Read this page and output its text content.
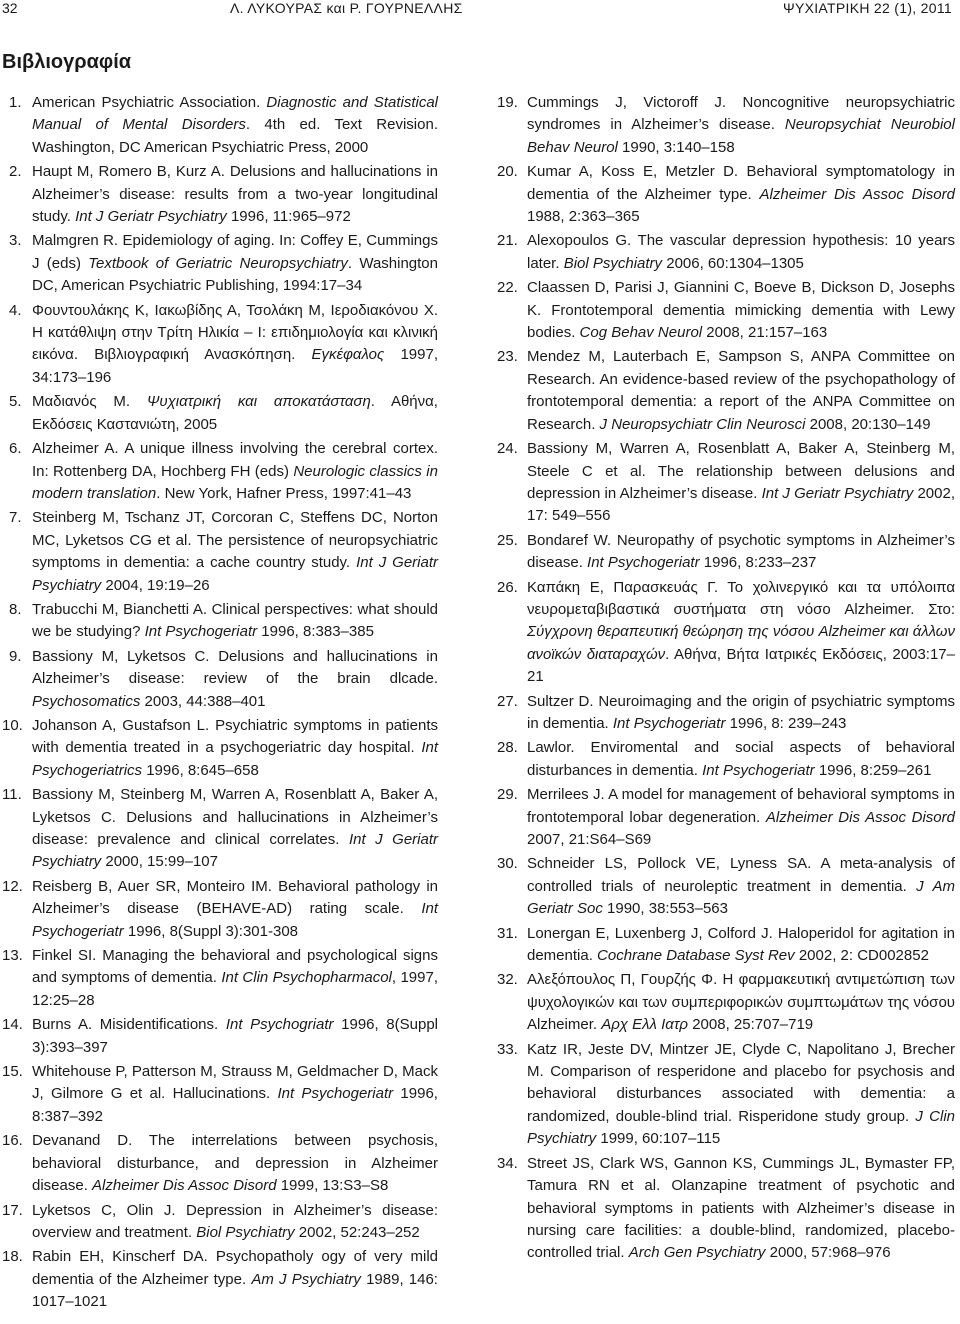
32	Λ. ΛΥΚΟΥΡΑΣ και Ρ. ΓΟΥΡΝΕΛΛΗΣ	ΨΥΧΙΑΤΡΙΚΗ 22 (1), 2011
Βιβλιογραφία
1. American Psychiatric Association. Diagnostic and Statistical Manual of Mental Disorders. 4th ed. Text Revision. Washington, DC American Psychiatric Press, 2000
2. Haupt M, Romero B, Kurz A. Delusions and hallucinations in Alzheimer’s disease: results from a two-year longitudinal study. Int J Geriatr Psychiatry 1996, 11:965–972
3. Malmgren R. Epidemiology of aging. In: Coffey E, Cummings J (eds) Textbook of Geriatric Neuropsychiatry. Washington DC, American Psychiatric Publishing, 1994:17–34
4. Φουντουλάκης Κ, Ιακωβίδης Α, Τσολάκη Μ, Ιεροδιακόνου Χ. Η κατάθλιψη στην Τρίτη Ηλικία – Ι: επιδημιολογία και κλινική εικόνα. Βιβλιογραφική Ανασκόπηση. Εγκέφαλος 1997, 34:173–196
5. Μαδιανός Μ. Ψυχιατρική και αποκατάσταση. Αθήνα, Εκδόσεις Καστανιώτη, 2005
6. Alzheimer A. A unique illness involving the cerebral cortex. In: Rottenberg DA, Hochberg FH (eds) Neurologic classics in modern translation. New York, Hafner Press, 1997:41–43
7. Steinberg M, Tschanz JT, Corcoran C, Steffens DC, Norton MC, Lyketsos CG et al. The persistence of neuropsychiatric symptoms in dementia: a cache country study. Int J Geriatr Psychiatry 2004, 19:19–26
8. Trabucchi M, Bianchetti A. Clinical perspectives: what should we be studying? Int Psychogeriatr 1996, 8:383–385
9. Bassiony M, Lyketsos C. Delusions and hallucinations in Alzheimer’s disease: review of the brain dlcade. Psychosomatics 2003, 44:388–401
10. Johanson A, Gustafson L. Psychiatric symptoms in patients with dementia treated in a psychogeriatric day hospital. Int Psychogeriatrics 1996, 8:645–658
11. Bassiony M, Steinberg M, Warren A, Rosenblatt A, Baker A, Lyketsos C. Delusions and hallucinations in Alzheimer’s disease: prevalence and clinical correlates. Int J Geriatr Psychiatry 2000, 15:99–107
12. Reisberg B, Auer SR, Monteiro IM. Behavioral pathology in Alzheimer’s disease (BEHAVE-AD) rating scale. Int Psychogeriatr 1996, 8(Suppl 3):301-308
13. Finkel SI. Managing the behavioral and psychological signs and symptoms of dementia. Int Clin Psychopharmacol, 1997, 12:25–28
14. Burns A. Misidentifications. Int Psychogriatr 1996, 8(Suppl 3):393–397
15. Whitehouse P, Patterson M, Strauss M, Geldmacher D, Mack J, Gilmore G et al. Hallucinations. Int Psychogeriatr 1996, 8:387–392
16. Devanand D. The interrelations between psychosis, behavioral disturbance, and depression in Alzheimer disease. Alzheimer Dis Assoc Disord 1999, 13:S3–S8
17. Lyketsos C, Olin J. Depression in Alzheimer’s disease: overview and treatment. Biol Psychiatry 2002, 52:243–252
18. Rabin EH, Kinscherf DA. Psychopatholy ogy of very mild dementia of the Alzheimer type. Am J Psychiatry 1989, 146: 1017–1021
19. Cummings J, Victoroff J. Noncognitive neuropsychiatric syndromes in Alzheimer’s disease. Neuropsychiat Neurobiol Behav Neurol 1990, 3:140–158
20. Kumar A, Koss E, Metzler D. Behavioral symptomatology in dementia of the Alzheimer type. Alzheimer Dis Assoc Disord 1988, 2:363–365
21. Alexopoulos G. The vascular depression hypothesis: 10 years later. Biol Psychiatry 2006, 60:1304–1305
22. Claassen D, Parisi J, Giannini C, Boeve B, Dickson D, Josephs K. Frontotemporal dementia mimicking dementia with Lewy bodies. Cog Behav Neurol 2008, 21:157–163
23. Mendez M, Lauterbach E, Sampson S, ANPA Committee on Research. An evidence-based review of the psychopathology of frontotemporal dementia: a report of the ANPA Committee on Research. J Neuropsychiatr Clin Neurosci 2008, 20:130–149
24. Bassiony M, Warren A, Rosenblatt A, Baker A, Steinberg M, Steele C et al. The relationship between delusions and depression in Alzheimer’s disease. Int J Geriatr Psychiatry 2002, 17: 549–556
25. Bondaref W. Neuropathy of psychotic symptoms in Alzheimer’s disease. Int Psychogeriatr 1996, 8:233–237
26. Καπάκη Ε, Παρασκευάς Γ. Το χολινεργικό και τα υπόλοιπα νευρομεταβιβαστικά συστήματα στη νόσο Alzheimer. Στο: Σύγχρονη θεραπευτική θεώρηση της νόσου Alzheimer και άλλων ανοϊκών διαταραχών. Αθήνα, Βήτα Ιατρικές Εκδόσεις, 2003:17–21
27. Sultzer D. Neuroimaging and the origin of psychiatric symptoms in dementia. Int Psychogeriatr 1996, 8: 239–243
28. Lawlor. Enviromental and social aspects of behavioral disturbances in dementia. Int Psychogeriatr 1996, 8:259–261
29. Merrilees J. A model for management of behavioral symptoms in frontotemporal lobar degeneration. Alzheimer Dis Assoc Disord 2007, 21:S64–S69
30. Schneider LS, Pollock VE, Lyness SA. A meta-analysis of controlled trials of neuroleptic treatment in dementia. J Am Geriatr Soc 1990, 38:553–563
31. Lonergan E, Luxenberg J, Colford J. Haloperidol for agitation in dementia. Cochrane Database Syst Rev 2002, 2: CD002852
32. Αλεξόπουλος Π, Γουρζής Φ. Η φαρμακευτική αντιμετώπιση των ψυχολογικών και των συμπεριφορικών συμπτωμάτων της νόσου Alzheimer. Αρχ Ελλ Ιατρ 2008, 25:707–719
33. Katz IR, Jeste DV, Mintzer JE, Clyde C, Napolitano J, Brecher M. Comparison of resperidone and placebo for psychosis and behavioral disturbances associated with dementia: a randomized, double-blind trial. Risperidone study group. J Clin Psychiatry 1999, 60:107–115
34. Street JS, Clark WS, Gannon KS, Cummings JL, Bymaster FP, Tamura RN et al. Olanzapine treatment of psychotic and behavioral symptoms in patients with Alzheimer’s disease in nursing care facilities: a double-blind, randomized, placebo-controlled trial. Arch Gen Psychiatry 2000, 57:968–976
